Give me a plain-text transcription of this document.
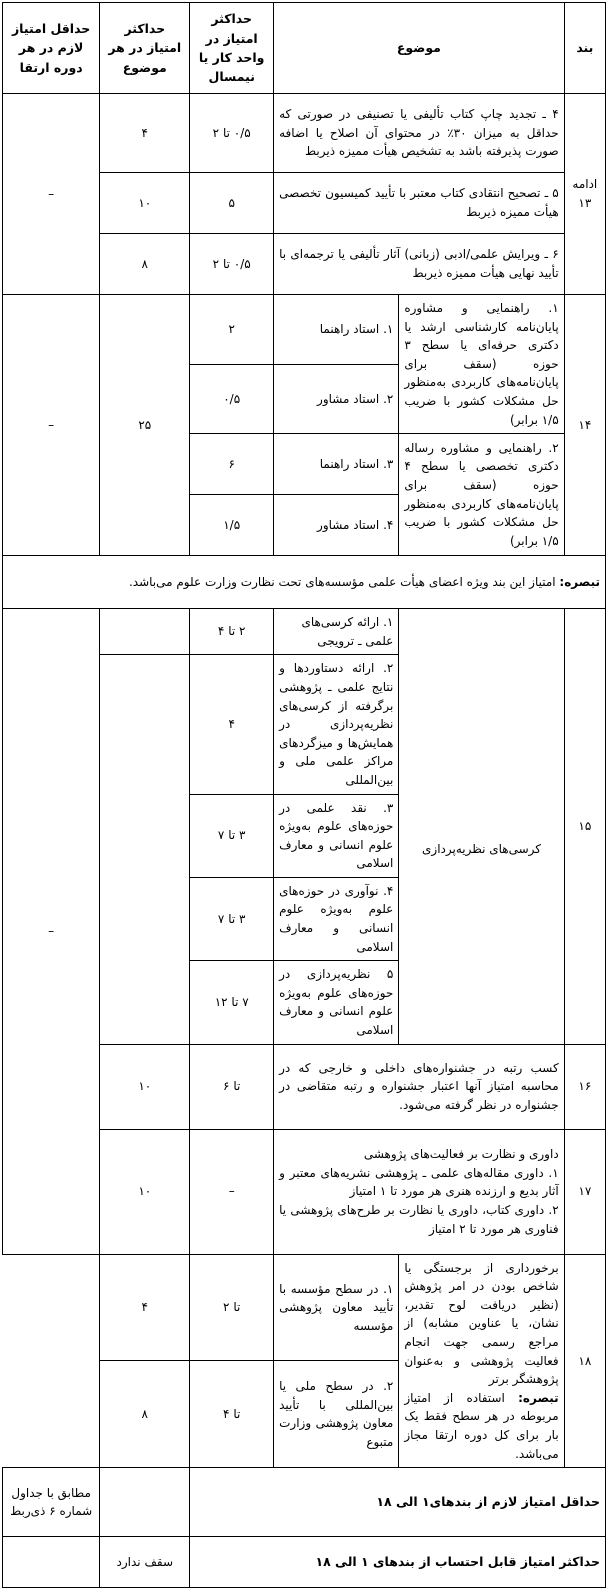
بند	موضوع		حداکثر امتیاز در واحد کار یا نیمسال	حداکثر امتیاز در هر موضوع	حداقل امتیاز لازم در هر دوره ارتقا
ادامه ۱۳	۴ ـ تجدید چاپ کتاب تألیفی یا تصنیفی در صورتی که حداقل به میزان ۳۰٪ در محتوای آن اصلاح یا اضافه صورت پذیرفته باشد به تشخیص هیأت ممیزه ذیربط		۰/۵ تا ۲	۴	–
	۵ ـ تصحیح انتقادی کتاب معتبر با تأیید کمیسیون تخصصی هیأت ممیزه ذیربط		۵	۱۰	
	۶ ـ ویرایش علمی/ادبی (زبانی) آثار تألیفی یا ترجمه‌ای با تأیید نهایی هیأت ممیزه ذیربط		۰/۵ تا ۲	۸	
۱۴	۱. راهنمایی و مشاوره پایان‌نامه کارشناسی ارشد یا دکتری حرفه‌ای یا سطح ۳ حوزه (سقف برای پایان‌نامه‌های کاربردی به‌منظور حل مشکلات کشور با ضریب ۱/۵ برابر)	۱. استاد راهنما	۲	۲۵	–
		۲. استاد مشاور	۰/۵		
	۲. راهنمایی و مشاوره رساله دکتری تخصصی یا سطح ۴ حوزه (سقف برای پایان‌نامه‌های کاربردی به‌منظور حل مشکلات کشور با ضریب ۱/۵ برابر)	۳. استاد راهنما	۶		
		۴. استاد مشاور	۱/۵		
تبصره: امتیاز این بند ویژه اعضای هیأت علمی مؤسسه‌های تحت نظارت وزارت علوم می‌باشد.					
۱۵		۱. ارائه کرسی‌های علمی ـ ترویجی	۲ تا ۴		–
	کرسی‌های نظریه‌پردازی	۲. ارائه دستاوردها و نتایج علمی ـ پژوهشی برگرفته از کرسی‌های نظریه‌پردازی در همایش‌ها و میزگردهای مراکز علمی ملی و بین‌المللی	۴		
		۳. نقد علمی در حوزه‌های علوم به‌ویژه علوم انسانی و معارف اسلامی	۳ تا ۷		
		۴. نوآوری در حوزه‌های علوم به‌ویژه علوم انسانی و معارف اسلامی	۳ تا ۷		
		۵ نظریه‌پردازی در حوزه‌های علوم به‌ویژه علوم انسانی و معارف اسلامی	۷ تا ۱۲		
۱۶	کسب رتبه در جشنواره‌های داخلی و خارجی که در محاسبه امتیاز آنها اعتبار جشنواره و رتبه متقاضی در جشنواره در نظر گرفته می‌شود.		تا ۶	۱۰	
۱۷	داوری و نظارت بر فعالیت‌های پژوهشی
۱. داوری مقاله‌های علمی ـ پژوهشی نشریه‌های معتبر و آثار بدیع و ارزنده هنری هر مورد تا ۱ امتیاز
۲. داوری کتاب، داوری یا نظارت بر طرح‌های پژوهشی یا فناوری هر مورد تا ۲ امتیاز		–	۱۰	
۱۸	برخورداری از برجستگی یا شاخص بودن در امر پژوهش (نظیر دریافت لوح تقدیر، نشان، یا عناوین مشابه) از مراجع رسمی جهت انجام فعالیت پژوهشی و به‌عنوان پژوهشگر برتر
تبصره: استفاده از امتیاز مربوطه در هر سطح فقط یک بار برای کل دوره ارتقا مجاز می‌باشد.	۱. در سطح مؤسسه با تأیید معاون پژوهشی مؤسسه	تا ۲	۴	
		۲. در سطح ملی یا بین‌المللی با تأیید معاون پژوهشی وزارت متبوع	تا ۴	۸	
حداقل امتیاز لازم از بندهای۱ الی ۱۸					مطابق با جداول شماره ۶ ذی‌ربط
حداکثر امتیاز قابل احتساب از بندهای ۱ الی ۱۸				سقف ندارد	
